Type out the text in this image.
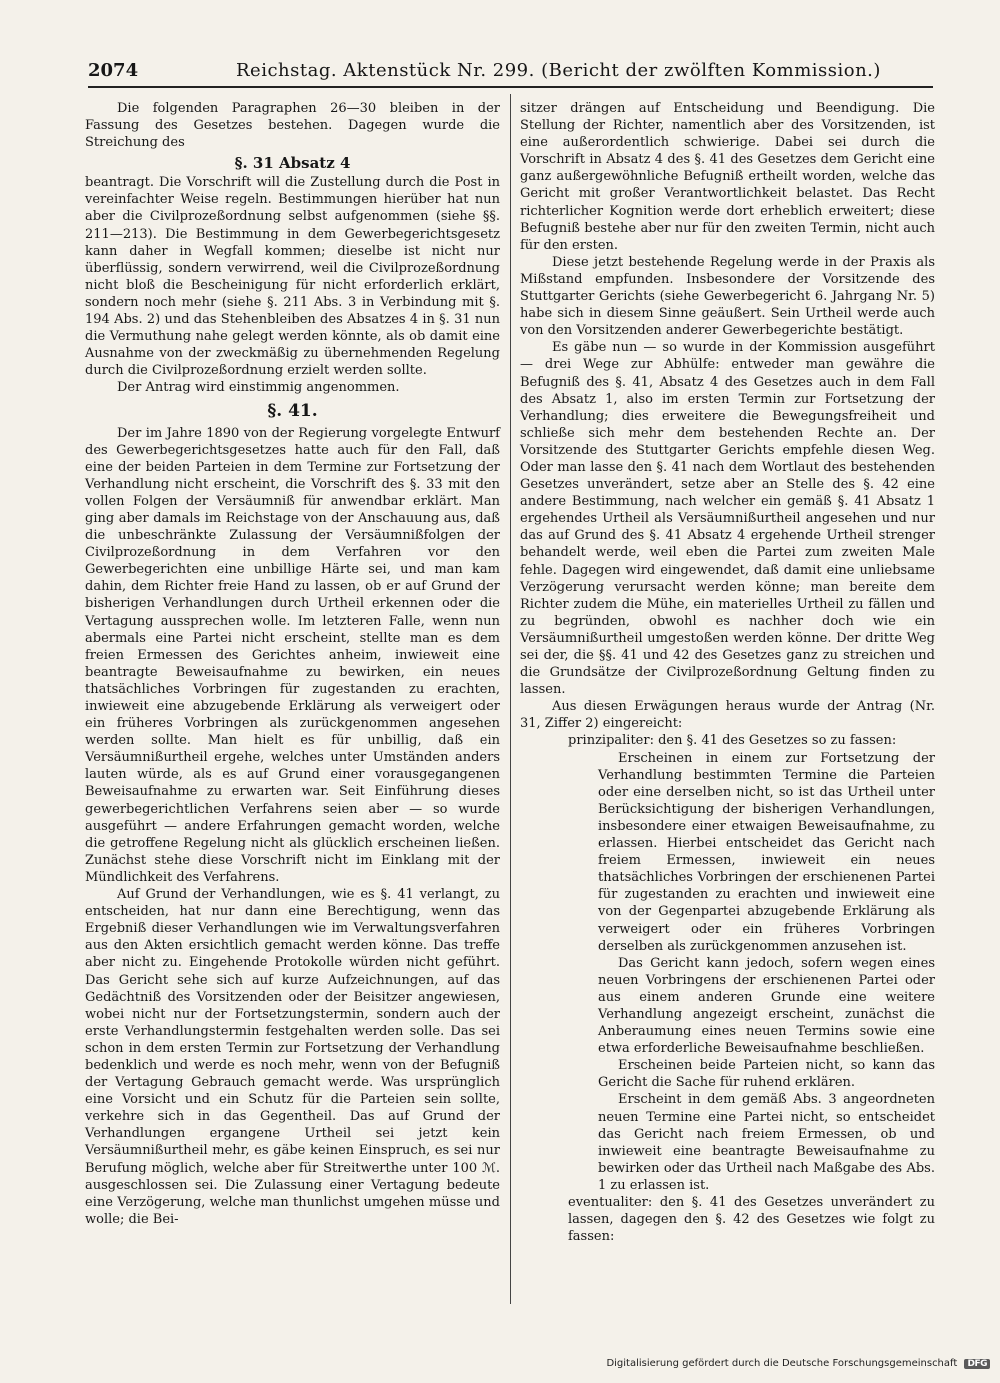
2074	Reichstag. Aktenstück Nr. 299. (Bericht der zwölften Kommission.)

Die folgenden Paragraphen 26—30 bleiben in der Fassung des Gesetzes bestehen. Dagegen wurde die Streichung des

§. 31 Absatz 4

beantragt. Die Vorschrift will die Zustellung durch die Post in vereinfachter Weise regeln. Bestimmungen hierüber hat nun aber die Civilprozeßordnung selbst aufgenommen (siehe §§. 211—213). Die Bestimmung in dem Gewerbegerichtsgesetz kann daher in Wegfall kommen; dieselbe ist nicht nur überflüssig, sondern verwirrend, weil die Civilprozeßordnung nicht bloß die Bescheinigung für nicht erforderlich erklärt, sondern noch mehr (siehe §. 211 Abs. 3 in Verbindung mit §. 194 Abs. 2) und das Stehenbleiben des Absatzes 4 in §. 31 nun die Vermuthung nahe gelegt werden könnte, als ob damit eine Ausnahme von der zweckmäßig zu übernehmenden Regelung durch die Civilprozeßordnung erzielt werden sollte.

Der Antrag wird einstimmig angenommen.

§. 41.

Der im Jahre 1890 von der Regierung vorgelegte Entwurf des Gewerbegerichtsgesetzes hatte auch für den Fall, daß eine der beiden Parteien in dem Termine zur Fortsetzung der Verhandlung nicht erscheint, die Vorschrift des §. 33 mit den vollen Folgen der Versäumniß für anwendbar erklärt. Man ging aber damals im Reichstage von der Anschauung aus, daß die unbeschränkte Zulassung der Versäumnißfolgen der Civilprozeßordnung in dem Verfahren vor den Gewerbegerichten eine unbillige Härte sei, und man kam dahin, dem Richter freie Hand zu lassen, ob er auf Grund der bisherigen Verhandlungen durch Urtheil erkennen oder die Vertagung aussprechen wolle. Im letzteren Falle, wenn nun abermals eine Partei nicht erscheint, stellte man es dem freien Ermessen des Gerichtes anheim, inwieweit eine beantragte Beweisaufnahme zu bewirken, ein neues thatsächliches Vorbringen für zugestanden zu erachten, inwieweit eine abzugebende Erklärung als verweigert oder ein früheres Vorbringen als zurückgenommen angesehen werden sollte. Man hielt es für unbillig, daß ein Versäumnißurtheil ergehe, welches unter Umständen anders lauten würde, als es auf Grund einer vorausgegangenen Beweisaufnahme zu erwarten war. Seit Einführung dieses gewerbegerichtlichen Verfahrens seien aber — so wurde ausgeführt — andere Erfahrungen gemacht worden, welche die getroffene Regelung nicht als glücklich erscheinen ließen. Zunächst stehe diese Vorschrift nicht im Einklang mit der Mündlichkeit des Verfahrens.

Auf Grund der Verhandlungen, wie es §. 41 verlangt, zu entscheiden, hat nur dann eine Berechtigung, wenn das Ergebniß dieser Verhandlungen wie im Verwaltungsverfahren aus den Akten ersichtlich gemacht werden könne. Das treffe aber nicht zu. Eingehende Protokolle würden nicht geführt. Das Gericht sehe sich auf kurze Aufzeichnungen, auf das Gedächtniß des Vorsitzenden oder der Beisitzer angewiesen, wobei nicht nur der Fortsetzungstermin, sondern auch der erste Verhandlungstermin festgehalten werden solle. Das sei schon in dem ersten Termin zur Fortsetzung der Verhandlung bedenklich und werde es noch mehr, wenn von der Befugniß der Vertagung Gebrauch gemacht werde. Was ursprünglich eine Vorsicht und ein Schutz für die Parteien sein sollte, verkehre sich in das Gegentheil. Das auf Grund der Verhandlungen ergangene Urtheil sei jetzt kein Versäumnißurtheil mehr, es gäbe keinen Einspruch, es sei nur Berufung möglich, welche aber für Streitwerthe unter 100 ℳ. ausgeschlossen sei. Die Zulassung einer Vertagung bedeute eine Verzögerung, welche man thunlichst umgehen müsse und wolle; die Bei-

sitzer drängen auf Entscheidung und Beendigung. Die Stellung der Richter, namentlich aber des Vorsitzenden, ist eine außerordentlich schwierige. Dabei sei durch die Vorschrift in Absatz 4 des §. 41 des Gesetzes dem Gericht eine ganz außergewöhnliche Befugniß ertheilt worden, welche das Gericht mit großer Verantwortlichkeit belastet. Das Recht richterlicher Kognition werde dort erheblich erweitert; diese Befugniß bestehe aber nur für den zweiten Termin, nicht auch für den ersten.

Diese jetzt bestehende Regelung werde in der Praxis als Mißstand empfunden. Insbesondere der Vorsitzende des Stuttgarter Gerichts (siehe Gewerbegericht 6. Jahrgang Nr. 5) habe sich in diesem Sinne geäußert. Sein Urtheil werde auch von den Vorsitzenden anderer Gewerbegerichte bestätigt.

Es gäbe nun — so wurde in der Kommission ausgeführt — drei Wege zur Abhülfe: entweder man gewähre die Befugniß des §. 41, Absatz 4 des Gesetzes auch in dem Fall des Absatz 1, also im ersten Termin zur Fortsetzung der Verhandlung; dies erweitere die Bewegungsfreiheit und schließe sich mehr dem bestehenden Rechte an. Der Vorsitzende des Stuttgarter Gerichts empfehle diesen Weg. Oder man lasse den §. 41 nach dem Wortlaut des bestehenden Gesetzes unverändert, setze aber an Stelle des §. 42 eine andere Bestimmung, nach welcher ein gemäß §. 41 Absatz 1 ergehendes Urtheil als Versäumnißurtheil angesehen und nur das auf Grund des §. 41 Absatz 4 ergehende Urtheil strenger behandelt werde, weil eben die Partei zum zweiten Male fehle. Dagegen wird eingewendet, daß damit eine unliebsame Verzögerung verursacht werden könne; man bereite dem Richter zudem die Mühe, ein materielles Urtheil zu fällen und zu begründen, obwohl es nachher doch wie ein Versäumnißurtheil umgestoßen werden könne. Der dritte Weg sei der, die §§. 41 und 42 des Gesetzes ganz zu streichen und die Grundsätze der Civilprozeßordnung Geltung finden zu lassen.

Aus diesen Erwägungen heraus wurde der Antrag (Nr. 31, Ziffer 2) eingereicht:

prinzipaliter: den §. 41 des Gesetzes so zu fassen:

Erscheinen in einem zur Fortsetzung der Verhandlung bestimmten Termine die Parteien oder eine derselben nicht, so ist das Urtheil unter Berücksichtigung der bisherigen Verhandlungen, insbesondere einer etwaigen Beweisaufnahme, zu erlassen. Hierbei entscheidet das Gericht nach freiem Ermessen, inwieweit ein neues thatsächliches Vorbringen der erschienenen Partei für zugestanden zu erachten und inwieweit eine von der Gegenpartei abzugebende Erklärung als verweigert oder ein früheres Vorbringen derselben als zurückgenommen anzusehen ist.

Das Gericht kann jedoch, sofern wegen eines neuen Vorbringens der erschienenen Partei oder aus einem anderen Grunde eine weitere Verhandlung angezeigt erscheint, zunächst die Anberaumung eines neuen Termins sowie eine etwa erforderliche Beweisaufnahme beschließen.

Erscheinen beide Parteien nicht, so kann das Gericht die Sache für ruhend erklären.

Erscheint in dem gemäß Abs. 3 angeordneten neuen Termine eine Partei nicht, so entscheidet das Gericht nach freiem Ermessen, ob und inwieweit eine beantragte Beweisaufnahme zu bewirken oder das Urtheil nach Maßgabe des Abs. 1 zu erlassen ist.

eventualiter: den §. 41 des Gesetzes unverändert zu lassen, dagegen den §. 42 des Gesetzes wie folgt zu fassen:

Digitalisierung gefördert durch die Deutsche Forschungsgemeinschaft DFG
